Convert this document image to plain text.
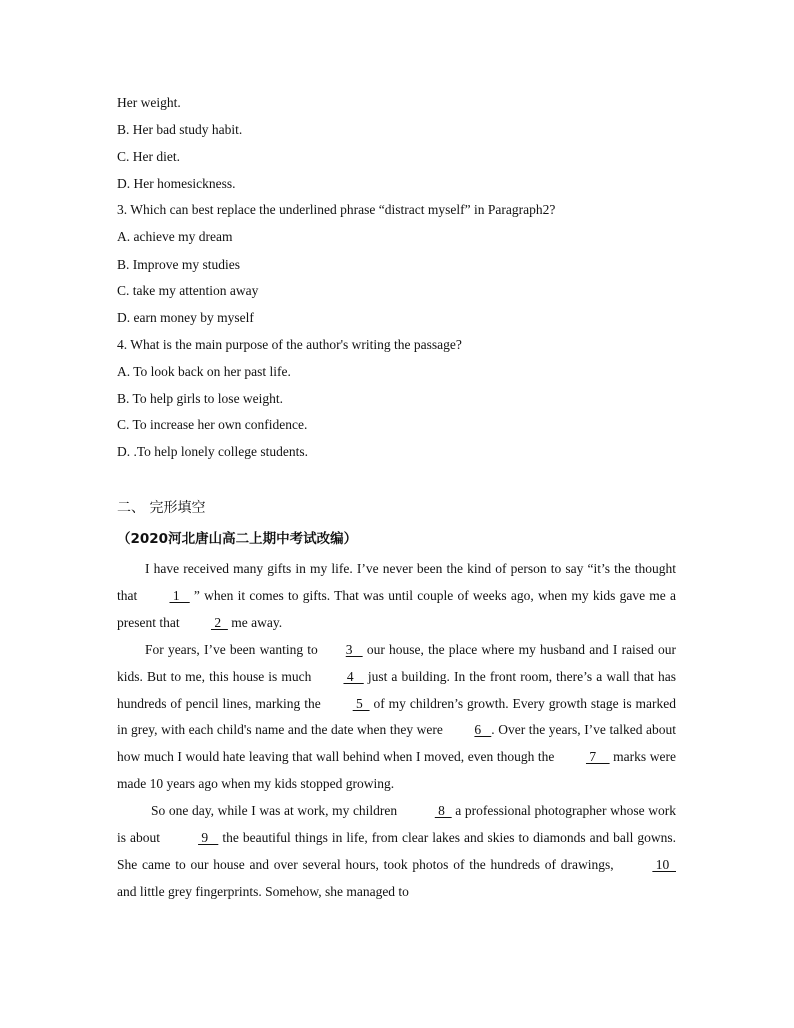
Her weight.
B. Her bad study habit.
C. Her diet.
D. Her homesickness.
3. Which can best replace the underlined phrase “distract myself” in Paragraph2?
A. achieve my dream
B. Improve my studies
C. take my attention away
D. earn money by myself
4. What is the main purpose of the author's writing the passage?
A. To look back on her past life.
B. To help girls to lose weight.
C. To increase her own confidence.
D. .To help lonely college students.
二、 完形填空
（2020河北唐山高二上期中考试改编）

I have received many gifts in my life. I’ve never been the kind of person to say “it’s the thought that  1    ” when it comes to gifts. That was until couple of weeks ago, when my kids gave me a present that  2   me away.

For years, I’ve been wanting to 3    our house, the place where my husband and I raised our kids. But to me, this house is much  4    just a building. In the front room, there’s a wall that has hundreds of pencil lines, marking the  5   of my children’s growth. Every growth stage is marked in grey, with each child's name and the date when they were 6   . Over the years, I’ve talked about how much I would hate leaving that wall behind when I moved, even though the  7     marks were made 10 years ago when my kids stopped growing.

So one day, while I was at work, my children	8   a professional photographer whose work is about	9    the beautiful things in life, from clear lakes and skies to diamonds and ball gowns. She came to our house and over several hours, took photos of the hundreds of drawings,	10   and little grey fingerprints. Somehow, she managed to
